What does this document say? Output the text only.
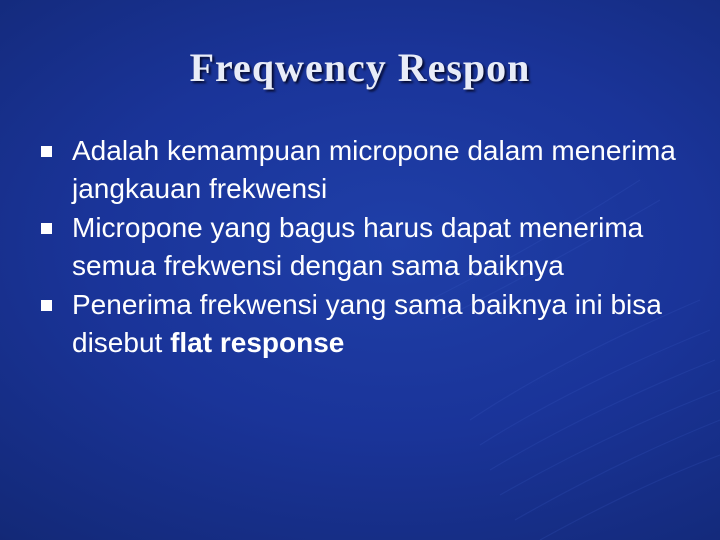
Freqwency Respon
Adalah kemampuan micropone dalam menerima jangkauan frekwensi
Micropone yang bagus harus dapat menerima semua frekwensi dengan sama baiknya
Penerima frekwensi yang sama baiknya ini bisa disebut flat response
